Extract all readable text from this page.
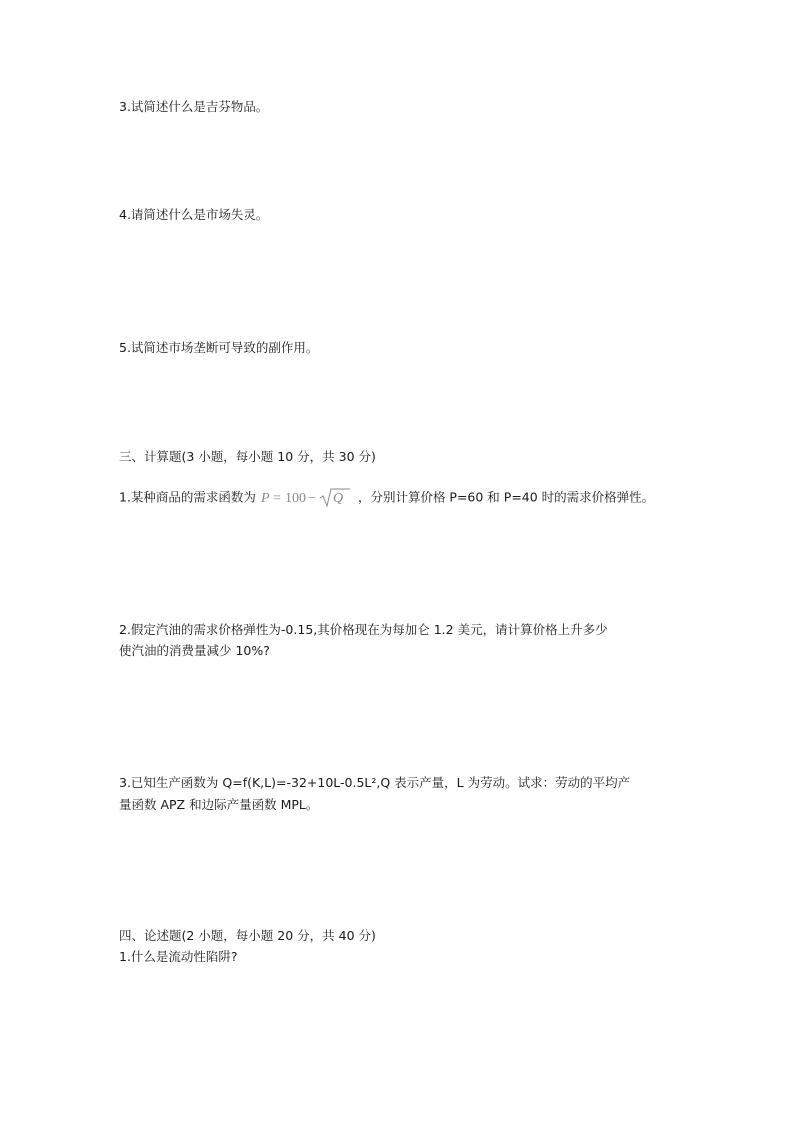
3.试简述什么是吉芬物品。
4.请简述什么是市场失灵。
5.试简述市场垄断可导致的副作用。
三、计算题(3 小题，每小题 10 分，共 30 分)
1.某种商品的需求函数为 P = 100 − Q ，分别计算价格 P=60 和 P=40 时的需求价格弹性。
2.假定汽油的需求价格弹性为-0.15,其价格现在为每加仑 1.2 美元，请计算价格上升多少
使汽油的消费量减少 10%?
3.已知生产函数为 Q=f(K,L)=-32+10L-0.5L²,Q 表示产量，L 为劳动。试求：劳动的平均产
量函数 APZ 和边际产量函数 MPL。
四、论述题(2 小题，每小题 20 分，共 40 分)
1.什么是流动性陷阱?
